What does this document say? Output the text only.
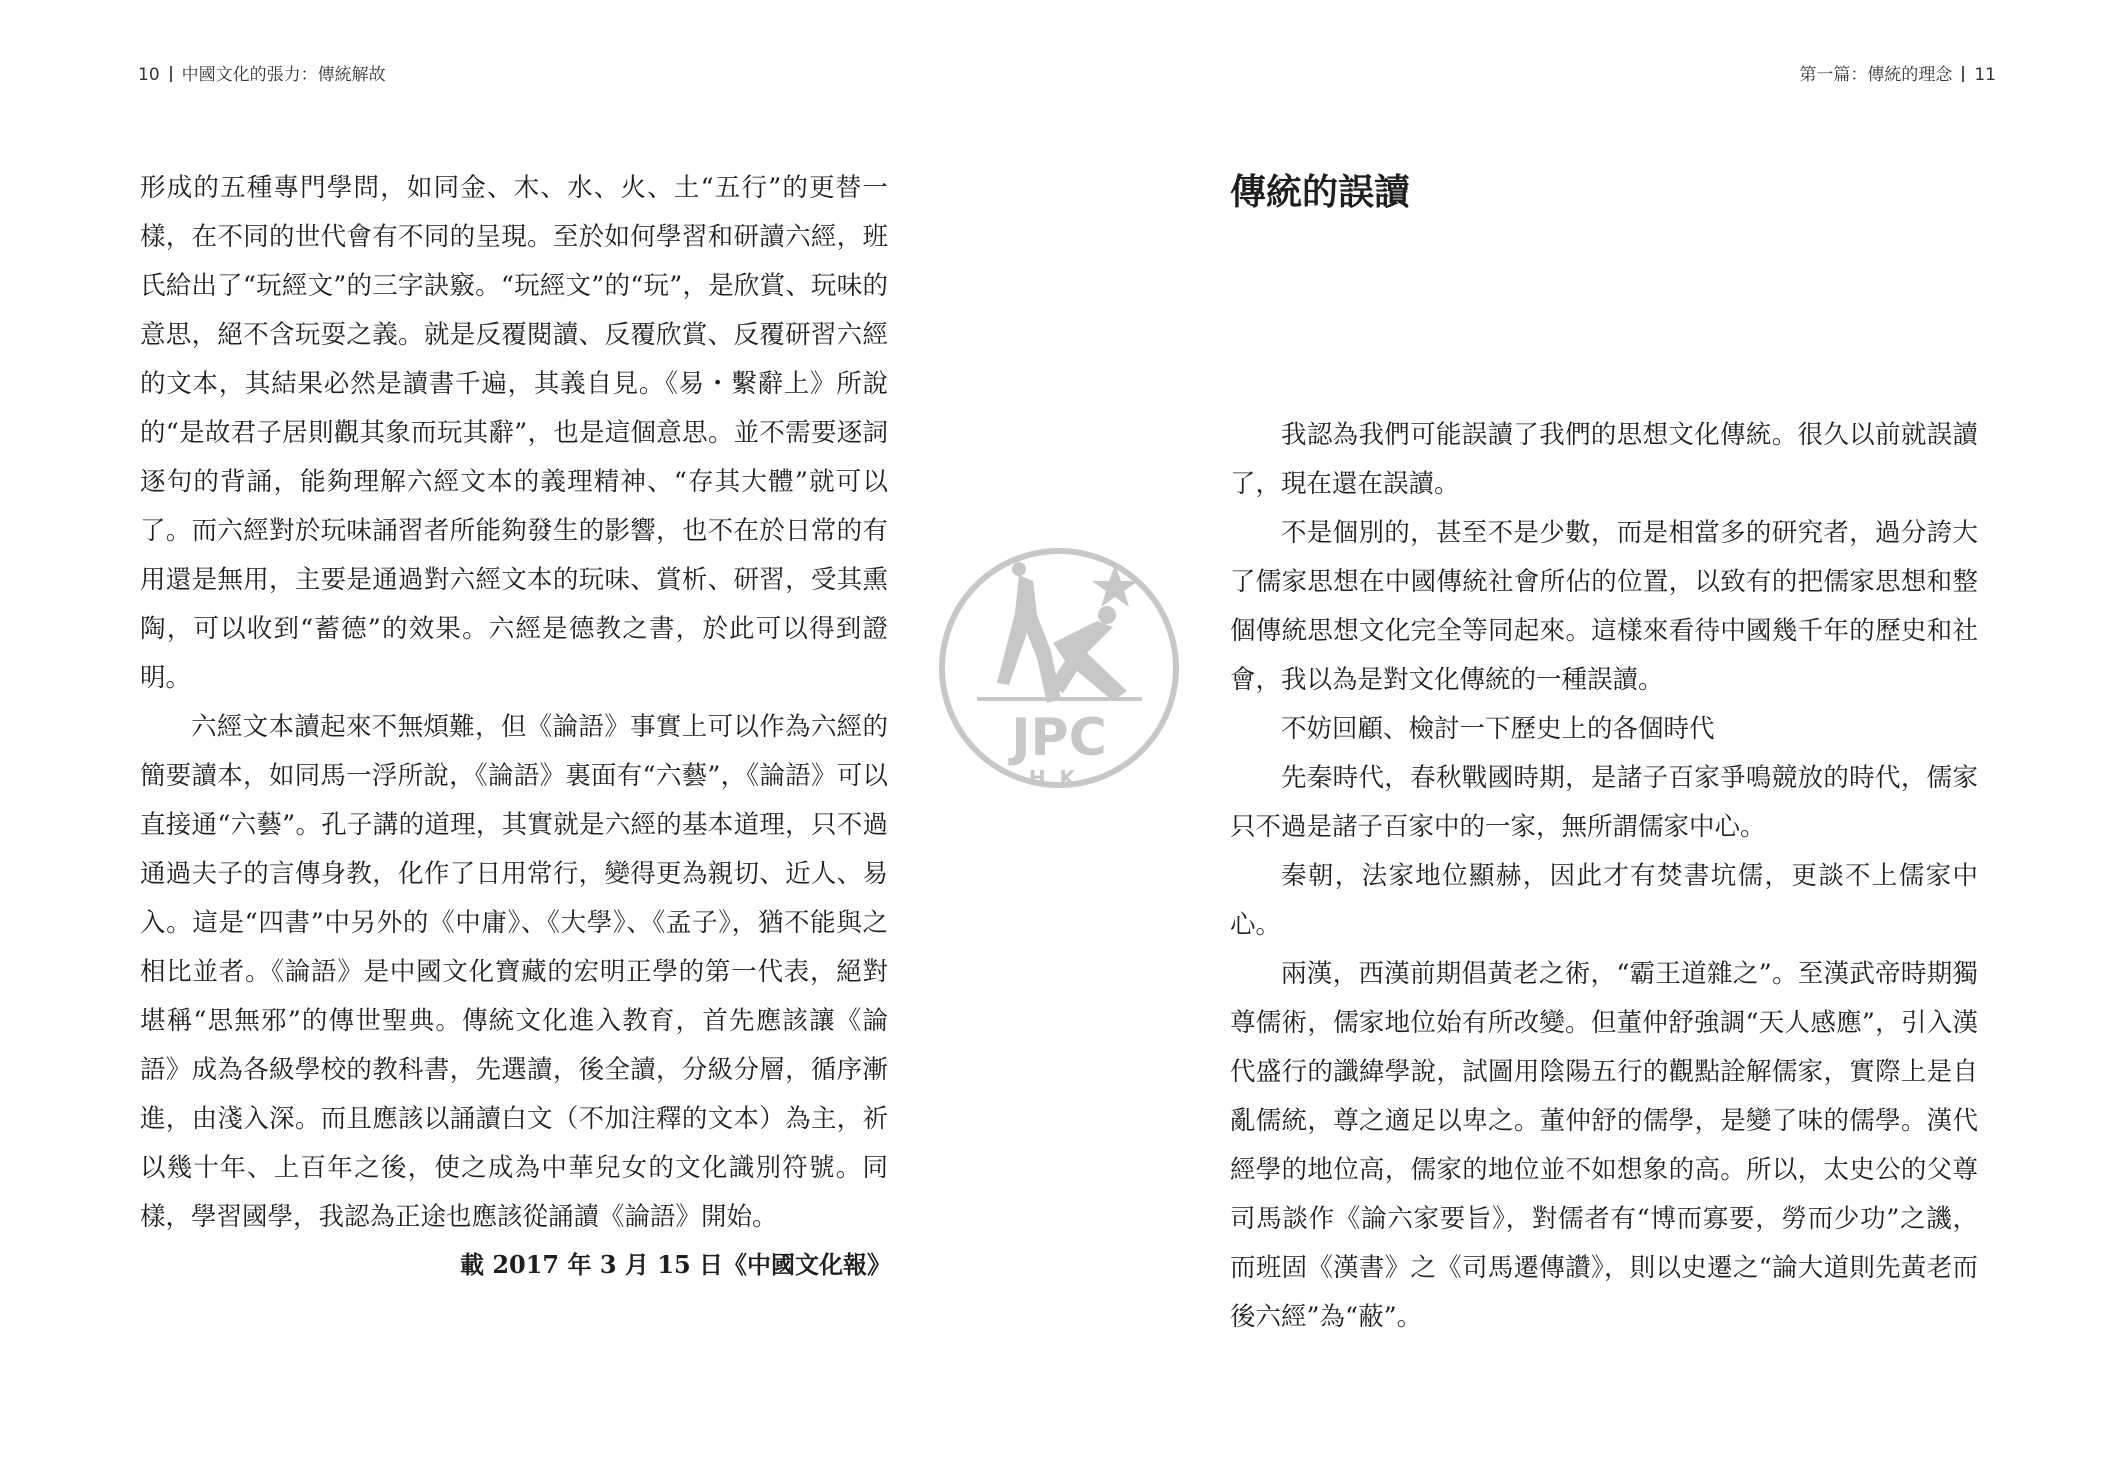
10 中國文化的張力：傳統解故

形成的五種專門學問，如同金、木、水、火、土“五行”的更替一樣，在不同的世代會有不同的呈現。至於如何學習和研讀六經，班氏給出了“玩經文”的三字訣竅。“玩經文”的“玩”，是欣賞、玩味的意思，絕不含玩耍之義。就是反覆閱讀、反覆欣賞、反覆研習六經的文本，其結果必然是讀書千遍，其義自見。《易・繫辭上》所說的“是故君子居則觀其象而玩其辭”，也是這個意思。並不需要逐詞逐句的背誦，能夠理解六經文本的義理精神、“存其大體”就可以了。而六經對於玩味誦習者所能夠發生的影響，也不在於日常的有用還是無用，主要是通過對六經文本的玩味、賞析、研習，受其熏陶，可以收到“蓄德”的效果。六經是德教之書，於此可以得到證明。

六經文本讀起來不無煩難，但《論語》事實上可以作為六經的簡要讀本，如同馬一浮所說，《論語》裏面有“六藝”，《論語》可以直接通“六藝”。孔子講的道理，其實就是六經的基本道理，只不過通過夫子的言傳身教，化作了日用常行，變得更為親切、近人、易入。這是“四書”中另外的《中庸》、《大學》、《孟子》，猶不能與之相比並者。《論語》是中國文化寶藏的宏明正學的第一代表，絕對堪稱“思無邪”的傳世聖典。傳統文化進入教育，首先應該讓《論語》成為各級學校的教科書，先選讀，後全讀，分級分層，循序漸進，由淺入深。而且應該以誦讀白文（不加注釋的文本）為主，祈以幾十年、上百年之後，使之成為中華兒女的文化識別符號。同樣，學習國學，我認為正途也應該從誦讀《論語》開始。

載 2017 年 3 月 15 日《中國文化報》
第一篇：傳統的理念 11
傳統的誤讀

我認為我們可能誤讀了我們的思想文化傳統。很久以前就誤讀了，現在還在誤讀。

不是個別的，甚至不是少數，而是相當多的研究者，過分誇大了儒家思想在中國傳統社會所佔的位置，以致有的把儒家思想和整個傳統思想文化完全等同起來。這樣來看待中國幾千年的歷史和社會，我以為是對文化傳統的一種誤讀。

不妨回顧、檢討一下歷史上的各個時代

先秦時代，春秋戰國時期，是諸子百家爭鳴競放的時代，儒家只不過是諸子百家中的一家，無所謂儒家中心。

秦朝，法家地位顯赫，因此才有焚書坑儒，更談不上儒家中心。

兩漢，西漢前期倡黃老之術，“霸王道雜之”。至漢武帝時期獨尊儒術，儒家地位始有所改變。但董仲舒強調“天人感應”，引入漢代盛行的讖緯學說，試圖用陰陽五行的觀點詮解儒家，實際上是自亂儒統，尊之適足以卑之。董仲舒的儒學，是變了味的儒學。漢代經學的地位高，儒家的地位並不如想象的高。所以，太史公的父尊司馬談作《論六家要旨》，對儒者有“博而寡要，勞而少功”之譏，而班固《漢書》之《司馬遷傳讚》，則以史遷之“論大道則先黃老而後六經”為“蔽”。

JPC
HK
